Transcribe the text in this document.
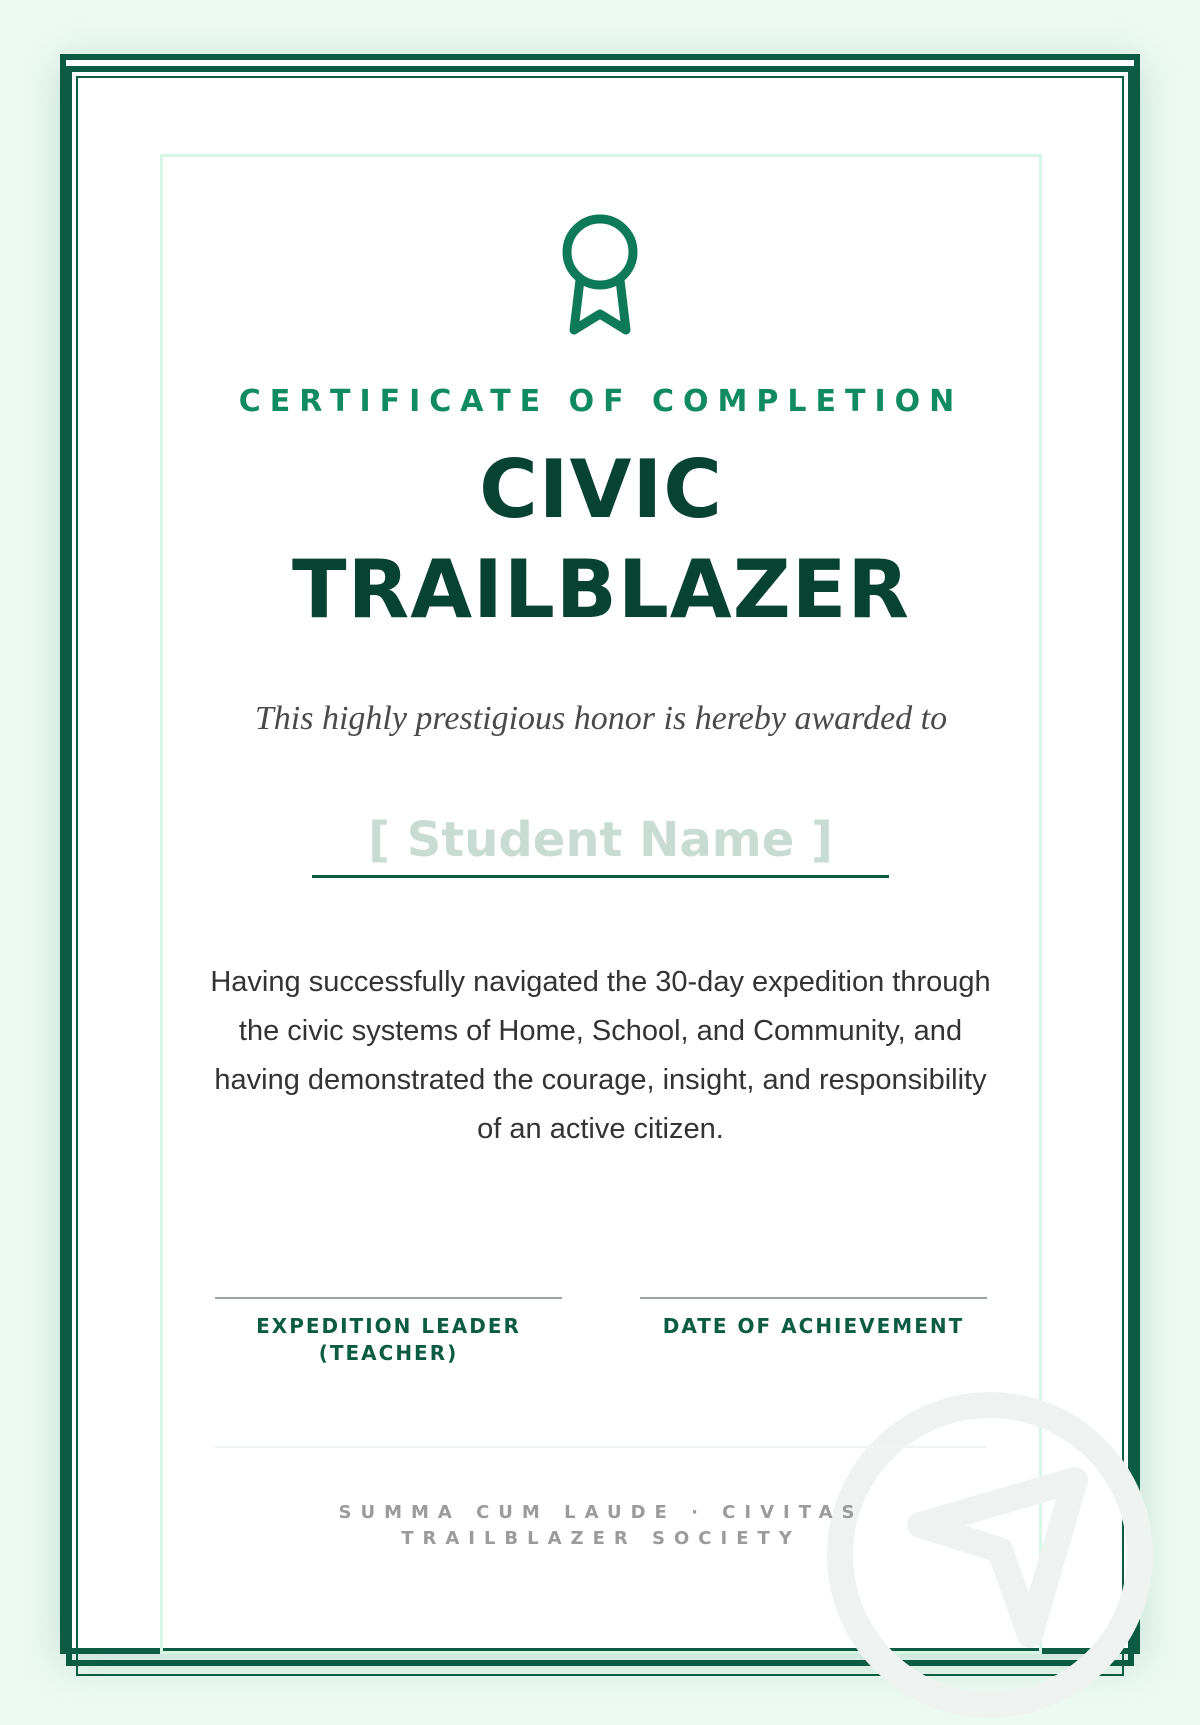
CERTIFICATE OF COMPLETION
CIVIC
TRAILBLAZER
This highly prestigious honor is hereby awarded to
[ Student Name ]
Having successfully navigated the 30-day expedition through the civic systems of Home, School, and Community, and having demonstrated the courage, insight, and responsibility of an active citizen.
EXPEDITION LEADER (TEACHER)
DATE OF ACHIEVEMENT
SUMMA CUM LAUDE · CIVITAS TRAILBLAZER SOCIETY
